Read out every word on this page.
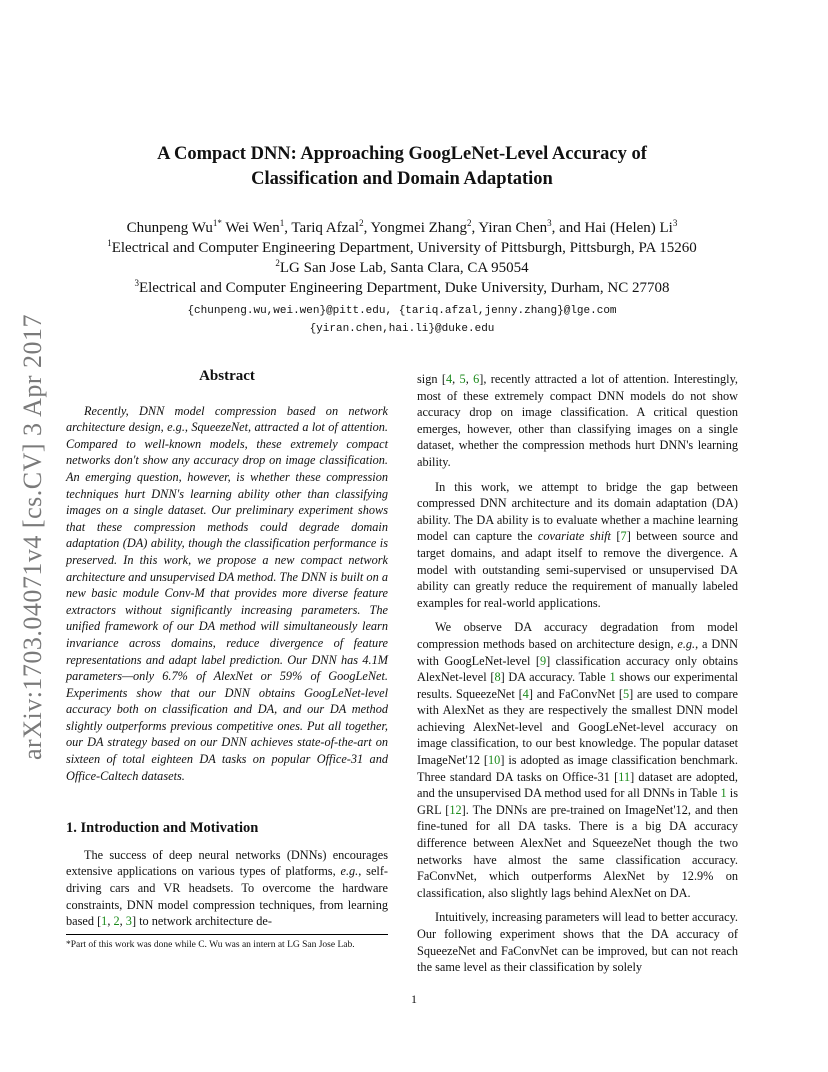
arXiv:1703.04071v4 [cs.CV] 3 Apr 2017
A Compact DNN: Approaching GoogLeNet-Level Accuracy of
Classification and Domain Adaptation
Chunpeng $Wu^{1*}$ Wei Wen$^1$, Tariq Afzal$^2$, Yongmei Zhang$^2$, Yiran Chen$^3$, and Hai (Helen) Li$^3$
$^1$Electrical and Computer Engineering Department, University of Pittsburgh, Pittsburgh, PA 15260
$^2$LG San Jose Lab, Santa Clara, CA 95054
$^3$Electrical and Computer Engineering Department, Duke University, Durham, NC 27708
{chunpeng.wu,wei.wen}@pitt.edu, {tariq.afzal,jenny.zhang}@lge.com
{yiran.chen,hai.li}@duke.edu
Abstract

Recently, DNN model compression based on network architecture design, e.g., SqueezeNet, attracted a lot of attention. Compared to well-known models, these extremely compact networks don't show any accuracy drop on image classification. An emerging question, however, is whether these compression techniques hurt DNN's learning ability other than classifying images on a single dataset. Our preliminary experiment shows that these compression methods could degrade domain adaptation (DA) ability, though the classification performance is preserved. In this work, we propose a new compact network architecture and unsupervised DA method. The DNN is built on a new basic module Conv-M that provides more diverse feature extractors without significantly increasing parameters. The unified framework of our DA method will simultaneously learn invariance across domains, reduce divergence of feature representations and adapt label prediction. Our DNN has 4.1M parameters—only 6.7% of AlexNet or 59% of GoogLeNet. Experiments show that our DNN obtains GoogLeNet-level accuracy both on classification and DA, and our DA method slightly outperforms previous competitive ones. Put all together, our DA strategy based on our DNN achieves state-of-the-art on sixteen of total eighteen DA tasks on popular Office-31 and Office-Caltech datasets.

1. Introduction and Motivation

The success of deep neural networks (DNNs) encourages extensive applications on various types of platforms, e.g., self-driving cars and VR headsets. To overcome the hardware constraints, DNN model compression techniques, from learning based [1, 2, 3] to network architecture de-

*Part of this work was done while C. Wu was an intern at LG San Jose Lab.

sign [4, 5, 6], recently attracted a lot of attention. Interestingly, most of these extremely compact DNN models do not show accuracy drop on image classification. A critical question emerges, however, other than classifying images on a single dataset, whether the compression methods hurt DNN's learning ability.

In this work, we attempt to bridge the gap between compressed DNN architecture and its domain adaptation (DA) ability. The DA ability is to evaluate whether a machine learning model can capture the covariate shift [7] between source and target domains, and adapt itself to remove the divergence. A model with outstanding semi-supervised or unsupervised DA ability can greatly reduce the requirement of manually labeled examples for real-world applications.

We observe DA accuracy degradation from model compression methods based on architecture design, e.g., a DNN with GoogLeNet-level [9] classification accuracy only obtains AlexNet-level [8] DA accuracy. Table 1 shows our experimental results. SqueezeNet [4] and FaConvNet [5] are used to compare with AlexNet as they are respectively the smallest DNN model achieving AlexNet-level and GoogLeNet-level accuracy on image classification, to our best knowledge. The popular dataset ImageNet'12 [10] is adopted as image classification benchmark. Three standard DA tasks on Office-31 [11] dataset are adopted, and the unsupervised DA method used for all DNNs in Table 1 is GRL [12]. The DNNs are pre-trained on ImageNet'12, and then fine-tuned for all DA tasks. There is a big DA accuracy difference between AlexNet and SqueezeNet though the two networks have almost the same classification accuracy. FaConvNet, which outperforms AlexNet by 12.9% on classification, also slightly lags behind AlexNet on DA.

Intuitively, increasing parameters will lead to better accuracy. Our following experiment shows that the DA accuracy of SqueezeNet and FaConvNet can be improved, but can not reach the same level as their classification by solely

1
